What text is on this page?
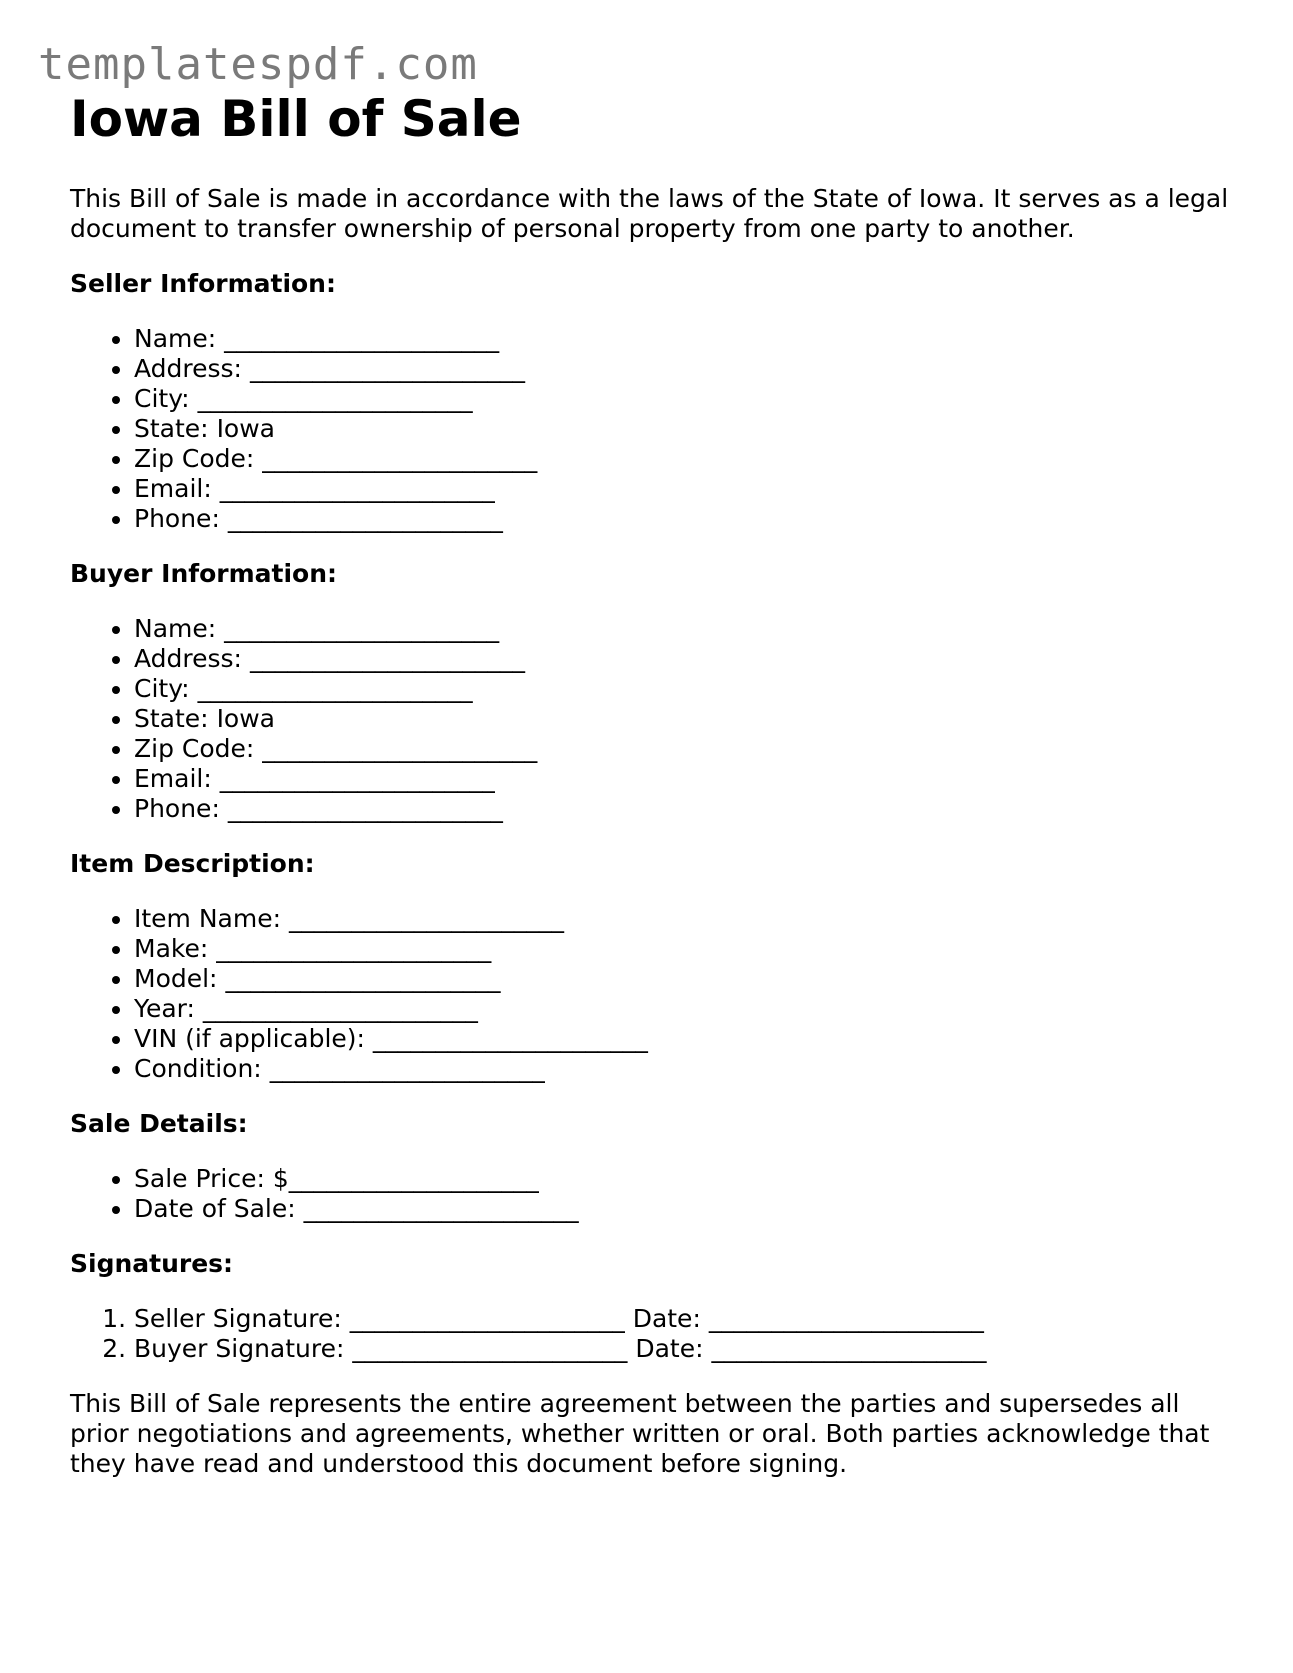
templatespdf.com
Iowa Bill of Sale

This Bill of Sale is made in accordance with the laws of the State of Iowa. It serves as a legal document to transfer ownership of personal property from one party to another.

Seller Information:
• Name: ______________________
• Address: ______________________
• City: ______________________
• State: Iowa
• Zip Code: ______________________
• Email: ______________________
• Phone: ______________________
Buyer Information:
• Name: ______________________
• Address: ______________________
• City: ______________________
• State: Iowa
• Zip Code: ______________________
• Email: ______________________
• Phone: ______________________
Item Description:
• Item Name: ______________________
• Make: ______________________
• Model: ______________________
• Year: ______________________
• VIN (if applicable): ______________________
• Condition: ______________________
Sale Details:
• Sale Price: $____________________
• Date of Sale: ______________________
Signatures:
1. Seller Signature: ______________________ Date: ______________________
2. Buyer Signature: ______________________ Date: ______________________

This Bill of Sale represents the entire agreement between the parties and supersedes all prior negotiations and agreements, whether written or oral. Both parties acknowledge that they have read and understood this document before signing.
